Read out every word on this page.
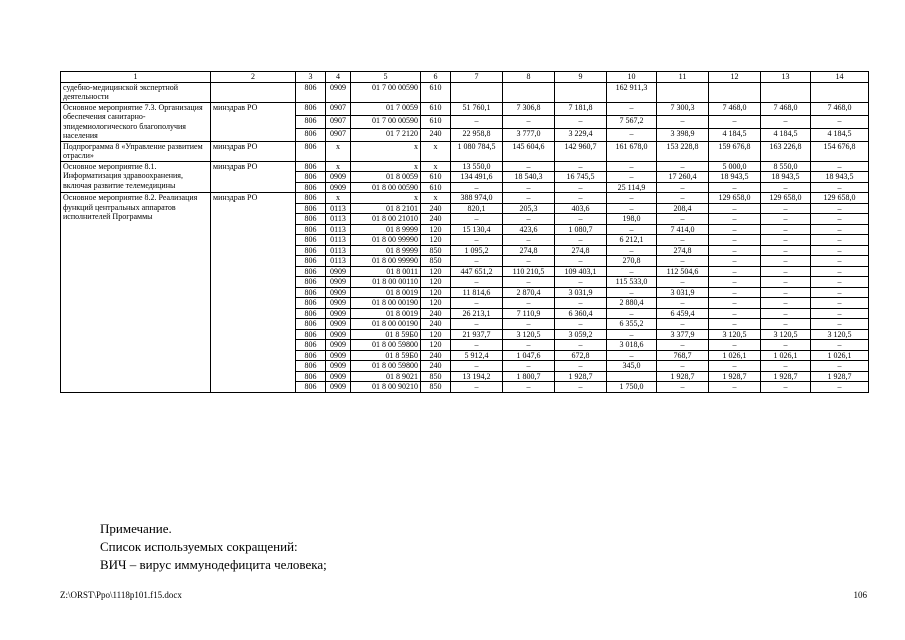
1	2	3	4	5	6	7	8	9	10	11	12	13	14
судебно-медицинской экспертной деятельности		806	0909	01 7 00 00590	610				162 911,3				
Основное мероприятие 7.3. Организация обеспечения санитарно-эпидемиологического благополучия населения	минздрав РО	806	0907	01 7 0059	610	51 760,1	7 306,8	7 181,8	–	7 300,3	7 468,0	7 468,0	7 468,0
		806	0907	01 7 00 00590	610	–	–	–	7 567,2	–	–	–	–
		806	0907	01 7 2120	240	22 958,8	3 777,0	3 229,4	–	3 398,9	4 184,5	4 184,5	4 184,5
Подпрограмма 8 «Управление развитием отрасли»	минздрав РО	806	x	x	x	1 080 784,5	145 604,6	142 960,7	161 678,0	153 228,8	159 676,8	163 226,8	154 676,8
Основное мероприятие 8.1. Информатизация здравоохранения, включая развитие телемедицины	минздрав РО	806	x	x	x	13 550,0	–	–	–	–	5 000,0	8 550,0	–
		806	0909	01 8 0059	610	134 491,6	18 540,3	16 745,5	–	17 260,4	18 943,5	18 943,5	18 943,5
		806	0909	01 8 00 00590	610	–	–	–	25 114,9	–	–	–	–
Основное мероприятие 8.2. Реализация функций центральных аппаратов исполнителей Программы	минздрав РО	806	x	x	x	388 974,0	–	–	–	–	129 658,0	129 658,0	129 658,0
		806	0113	01 8 2101	240	820,1	205,3	403,6	–	208,4	–	–	–
		806	0113	01 8 00 21010	240	–	–	–	198,0	–	–	–	–
		806	0113	01 8 9999	120	15 130,4	423,6	1 080,7	–	7 414,0	–	–	–
		806	0113	01 8 00 99990	120	–	–	–	6 212,1	–	–	–	–
		806	0113	01 8 9999	850	1 095,2	274,8	274,8	–	274,8	–	–	–
		806	0113	01 8 00 99990	850	–	–	–	270,8	–	–	–	–
		806	0909	01 8 0011	120	447 651,2	110 210,5	109 403,1	–	112 504,6	–	–	–
		806	0909	01 8 00 00110	120	–	–	–	115 533,0	–	–	–	–
		806	0909	01 8 0019	120	11 814,6	2 870,4	3 031,9	–	3 031,9	–	–	–
		806	0909	01 8 00 00190	120	–	–	–	2 880,4	–	–	–	–
		806	0909	01 8 0019	240	26 213,1	7 110,9	6 360,4	–	6 459,4	–	–	–
		806	0909	01 8 00 00190	240	–	–	–	6 355,2	–	–	–	–
		806	0909	01 8 59Б0	120	21 937,7	3 120,5	3 059,2	–	3 377,9	3 120,5	3 120,5	3 120,5
		806	0909	01 8 00 59800	120	–	–	–	3 018,6	–	–	–	–
		806	0909	01 8 59Б0	240	5 912,4	1 047,6	672,8	–	768,7	1 026,1	1 026,1	1 026,1
		806	0909	01 8 00 59800	240	–	–	–	345,0	–	–	–	–
		806	0909	01 8 9021	850	13 194,2	1 800,7	1 928,7		1 928,7	1 928,7	1 928,7	1 928,7
		806	0909	01 8 00 90210	850	–	–	–	1 750,0	–	–	–	–
Примечание.
Список используемых сокращений:
ВИЧ – вирус иммунодефицита человека;
Z:\ORST\Ppo\1118p101.f15.docx	106
